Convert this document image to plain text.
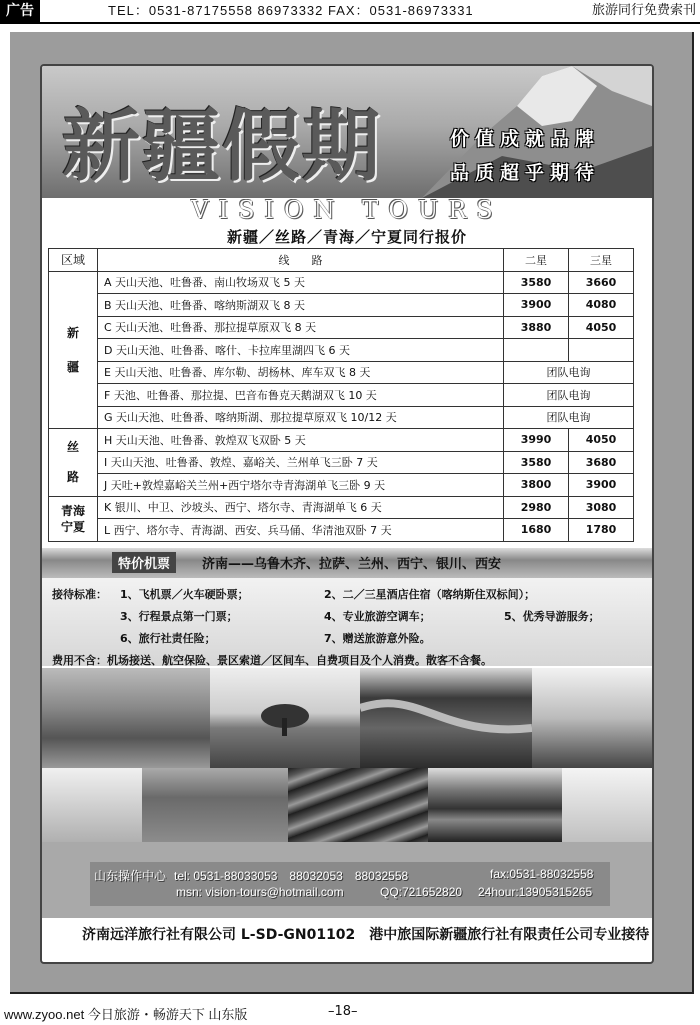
广告	TEL：0531-87175558 86973332 FAX：0531-86973331	旅游同行免费索刊
新疆假期	价值成就品牌
品质超乎期待
VISION TOURS
新疆／丝路／青海／宁夏同行报价
区域	线　　路	二星	三星
新
疆	A 天山天池、吐鲁番、南山牧场双飞 5 天	3580	3660
	B 天山天池、吐鲁番、喀纳斯湖双飞 8 天	3900	4080
	C 天山天池、吐鲁番、那拉提草原双飞 8 天	3880	4050
	D 天山天池、吐鲁番、喀什、卡拉库里湖四飞 6 天		
	E 天山天池、吐鲁番、库尔勒、胡杨林、库车双飞 8 天	团队电询	
	F 天池、吐鲁番、那拉提、巴音布鲁克天鹅湖双飞 10 天	团队电询	
	G 天山天池、吐鲁番、喀纳斯湖、那拉提草原双飞 10/12 天	团队电询	
丝
路	H 天山天池、吐鲁番、敦煌双飞双卧 5 天	3990	4050
	I 天山天池、吐鲁番、敦煌、嘉峪关、兰州单飞三卧 7 天	3580	3680
	J 天吐+敦煌嘉峪关兰州+西宁塔尔寺青海湖单飞三卧 9 天	3800	3900
青海
宁夏	K 银川、中卫、沙坡头、西宁、塔尔寺、青海湖单飞 6 天	2980	3080
	L 西宁、塔尔寺、青海湖、西安、兵马俑、华清池双卧 7 天	1680	1780
特价机票	济南——乌鲁木齐、拉萨、兰州、西宁、银川、西安
接待标准： 1、飞机票／火车硬卧票；	2、二／三星酒店住宿（喀纳斯住双标间）；
3、行程景点第一门票；	4、专业旅游空调车；	5、优秀导游服务；
6、旅行社责任险；	7、赠送旅游意外险。
费用不含：机场接送、航空保险、景区索道／区间车、自费项目及个人消费。散客不含餐。
山东操作中心 tel: 0531-88033053　88032053　88032558	fax:0531-88032558
msn: vision-tours@hotmail.com	QQ:721652820 24hour:13905315265
济南远洋旅行社有限公司 L-SD-GN01102　港中旅国际新疆旅行社有限责任公司专业接待
www.zyoo.net 今日旅游・畅游天下 山东版	–18–
